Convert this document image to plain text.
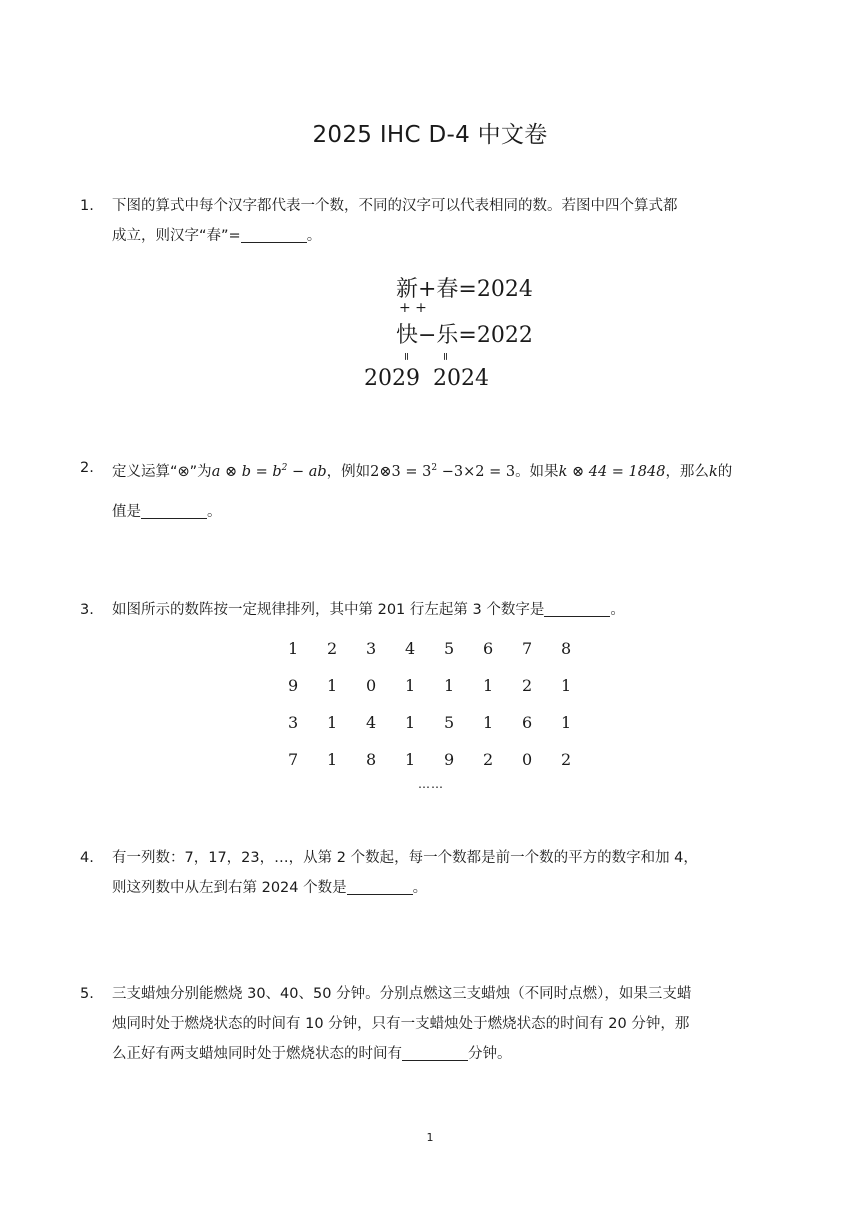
2025 IHC D-4 中文卷
1.	下图的算式中每个汉字都代表一个数，不同的汉字可以代表相同的数。若图中四个算式都
成立，则汉字“春”=	。
新+春=2024
+ +
快−乐=2022
= =
2029 2024
2.	定义运算“⊗”为a ⊗ $b = b^2$ − ab，例如2⊗3 = $3^2 -3\times 2 = 3$。如果k ⊗ 44 = 1848，那么k的
值是	。
3.	如图所示的数阵按一定规律排列，其中第 201 行左起第 3 个数字是	。
1	2	3	4	5	6	7	8
9	1	0	1	1	1	2	1
3	1	4	1	5	1	6	1
7	1	8	1	9	2	0	2
……
4.	有一列数：7，17，23，…，从第 2 个数起，每一个数都是前一个数的平方的数字和加 4，
则这列数中从左到右第 2024 个数是	。
5.	三支蜡烛分别能燃烧 30、40、50 分钟。分别点燃这三支蜡烛（不同时点燃），如果三支蜡
烛同时处于燃烧状态的时间有 10 分钟，只有一支蜡烛处于燃烧状态的时间有 20 分钟，那
么正好有两支蜡烛同时处于燃烧状态的时间有	分钟。
1
